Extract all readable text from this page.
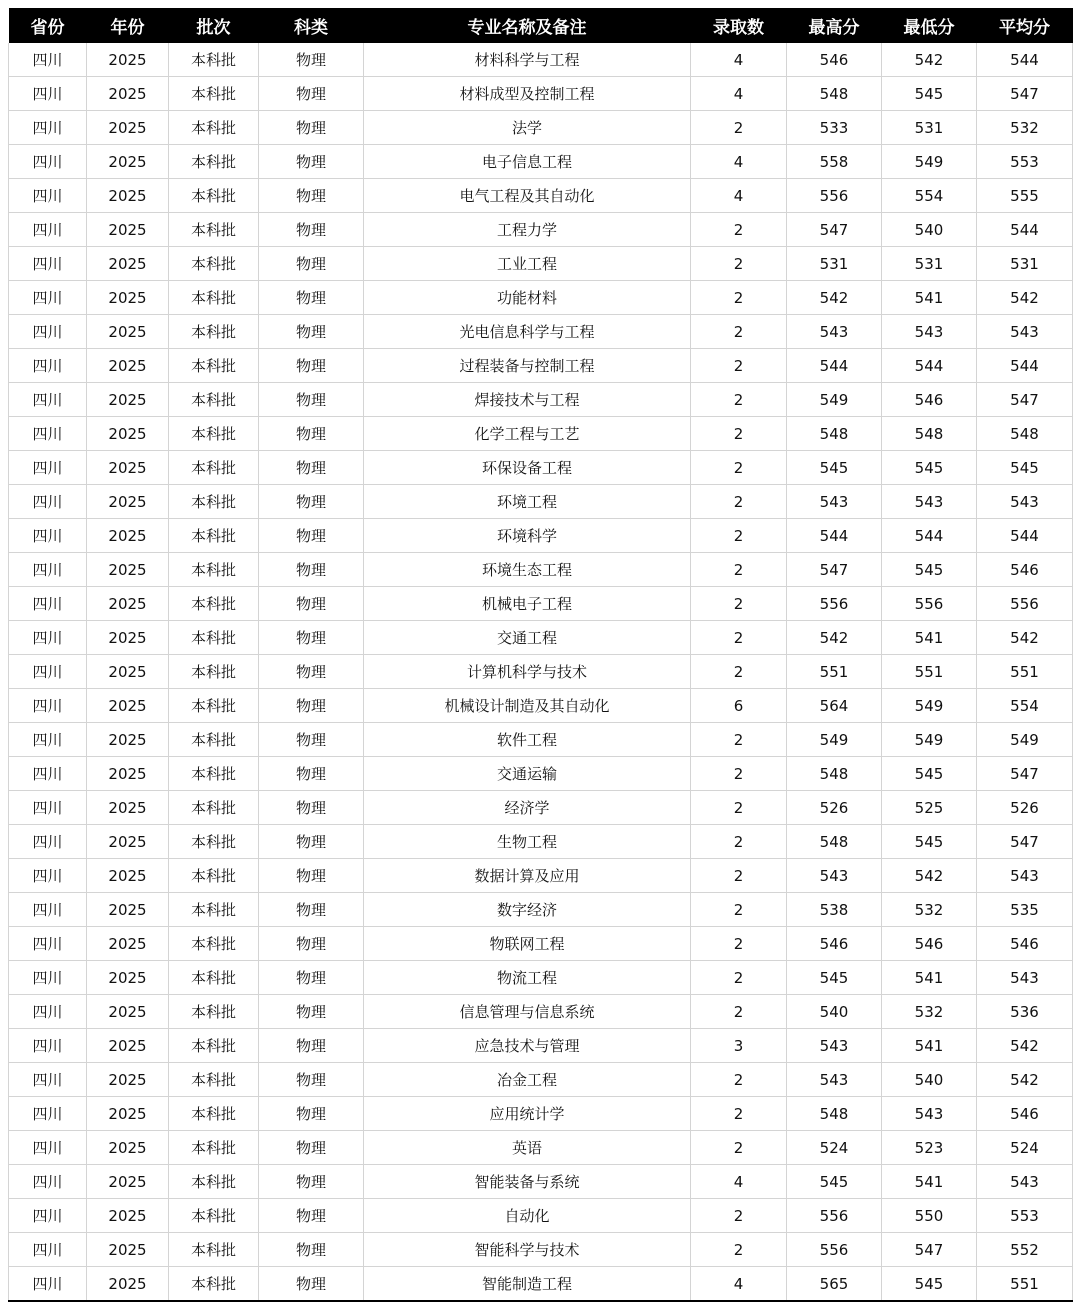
省份	年份	批次	科类	专业名称及备注	录取数	最高分	最低分	平均分
四川	2025	本科批	物理	材料科学与工程	4	546	542	544
四川	2025	本科批	物理	材料成型及控制工程	4	548	545	547
四川	2025	本科批	物理	法学	2	533	531	532
四川	2025	本科批	物理	电子信息工程	4	558	549	553
四川	2025	本科批	物理	电气工程及其自动化	4	556	554	555
四川	2025	本科批	物理	工程力学	2	547	540	544
四川	2025	本科批	物理	工业工程	2	531	531	531
四川	2025	本科批	物理	功能材料	2	542	541	542
四川	2025	本科批	物理	光电信息科学与工程	2	543	543	543
四川	2025	本科批	物理	过程装备与控制工程	2	544	544	544
四川	2025	本科批	物理	焊接技术与工程	2	549	546	547
四川	2025	本科批	物理	化学工程与工艺	2	548	548	548
四川	2025	本科批	物理	环保设备工程	2	545	545	545
四川	2025	本科批	物理	环境工程	2	543	543	543
四川	2025	本科批	物理	环境科学	2	544	544	544
四川	2025	本科批	物理	环境生态工程	2	547	545	546
四川	2025	本科批	物理	机械电子工程	2	556	556	556
四川	2025	本科批	物理	交通工程	2	542	541	542
四川	2025	本科批	物理	计算机科学与技术	2	551	551	551
四川	2025	本科批	物理	机械设计制造及其自动化	6	564	549	554
四川	2025	本科批	物理	软件工程	2	549	549	549
四川	2025	本科批	物理	交通运输	2	548	545	547
四川	2025	本科批	物理	经济学	2	526	525	526
四川	2025	本科批	物理	生物工程	2	548	545	547
四川	2025	本科批	物理	数据计算及应用	2	543	542	543
四川	2025	本科批	物理	数字经济	2	538	532	535
四川	2025	本科批	物理	物联网工程	2	546	546	546
四川	2025	本科批	物理	物流工程	2	545	541	543
四川	2025	本科批	物理	信息管理与信息系统	2	540	532	536
四川	2025	本科批	物理	应急技术与管理	3	543	541	542
四川	2025	本科批	物理	冶金工程	2	543	540	542
四川	2025	本科批	物理	应用统计学	2	548	543	546
四川	2025	本科批	物理	英语	2	524	523	524
四川	2025	本科批	物理	智能装备与系统	4	545	541	543
四川	2025	本科批	物理	自动化	2	556	550	553
四川	2025	本科批	物理	智能科学与技术	2	556	547	552
四川	2025	本科批	物理	智能制造工程	4	565	545	551
